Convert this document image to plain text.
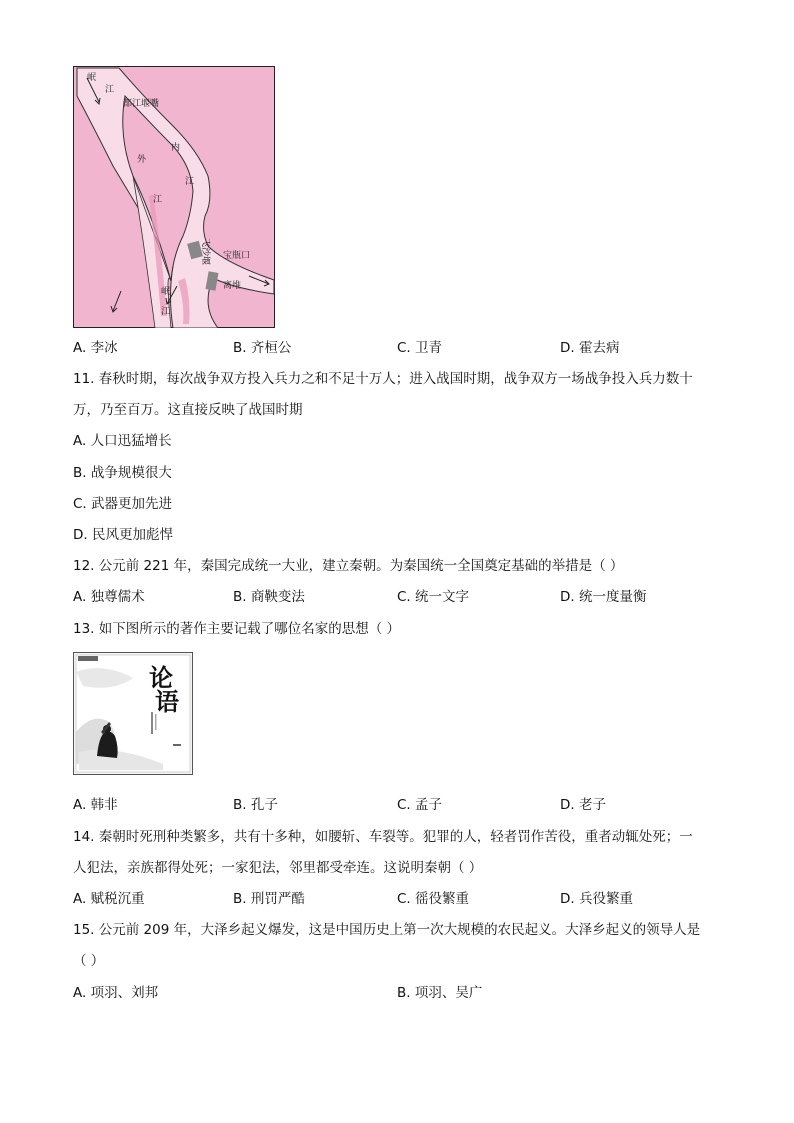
岷
江
都江堰嘴
内
江
外
江
飞沙堰 宝瓶口
离堆
岷
江
A. 李冰	B. 齐桓公	C. 卫青	D. 霍去病
11. 春秋时期，每次战争双方投入兵力之和不足十万人；进入战国时期，战争双方一场战争投入兵力数十
万，乃至百万。这直接反映了战国时期
A. 人口迅猛增长
B. 战争规模很大
C. 武器更加先进
D. 民风更加彪悍
12. 公元前 221 年，秦国完成统一大业，建立秦朝。为秦国统一全国奠定基础的举措是（ ）
A. 独尊儒术	B. 商鞅变法	C. 统一文字	D. 统一度量衡
13. 如下图所示的著作主要记载了哪位名家的思想（ ）
论
语
A. 韩非	B. 孔子	C. 孟子	D. 老子
14. 秦朝时死刑种类繁多，共有十多种，如腰斩、车裂等。犯罪的人，轻者罚作苦役，重者动辄处死；一
人犯法，亲族都得处死；一家犯法，邻里都受牵连。这说明秦朝（ ）
A. 赋税沉重	B. 刑罚严酷	C. 徭役繁重	D. 兵役繁重
15. 公元前 209 年，大泽乡起义爆发，这是中国历史上第一次大规模的农民起义。大泽乡起义的领导人是
（ ）
A. 项羽、刘邦	B. 项羽、吴广
